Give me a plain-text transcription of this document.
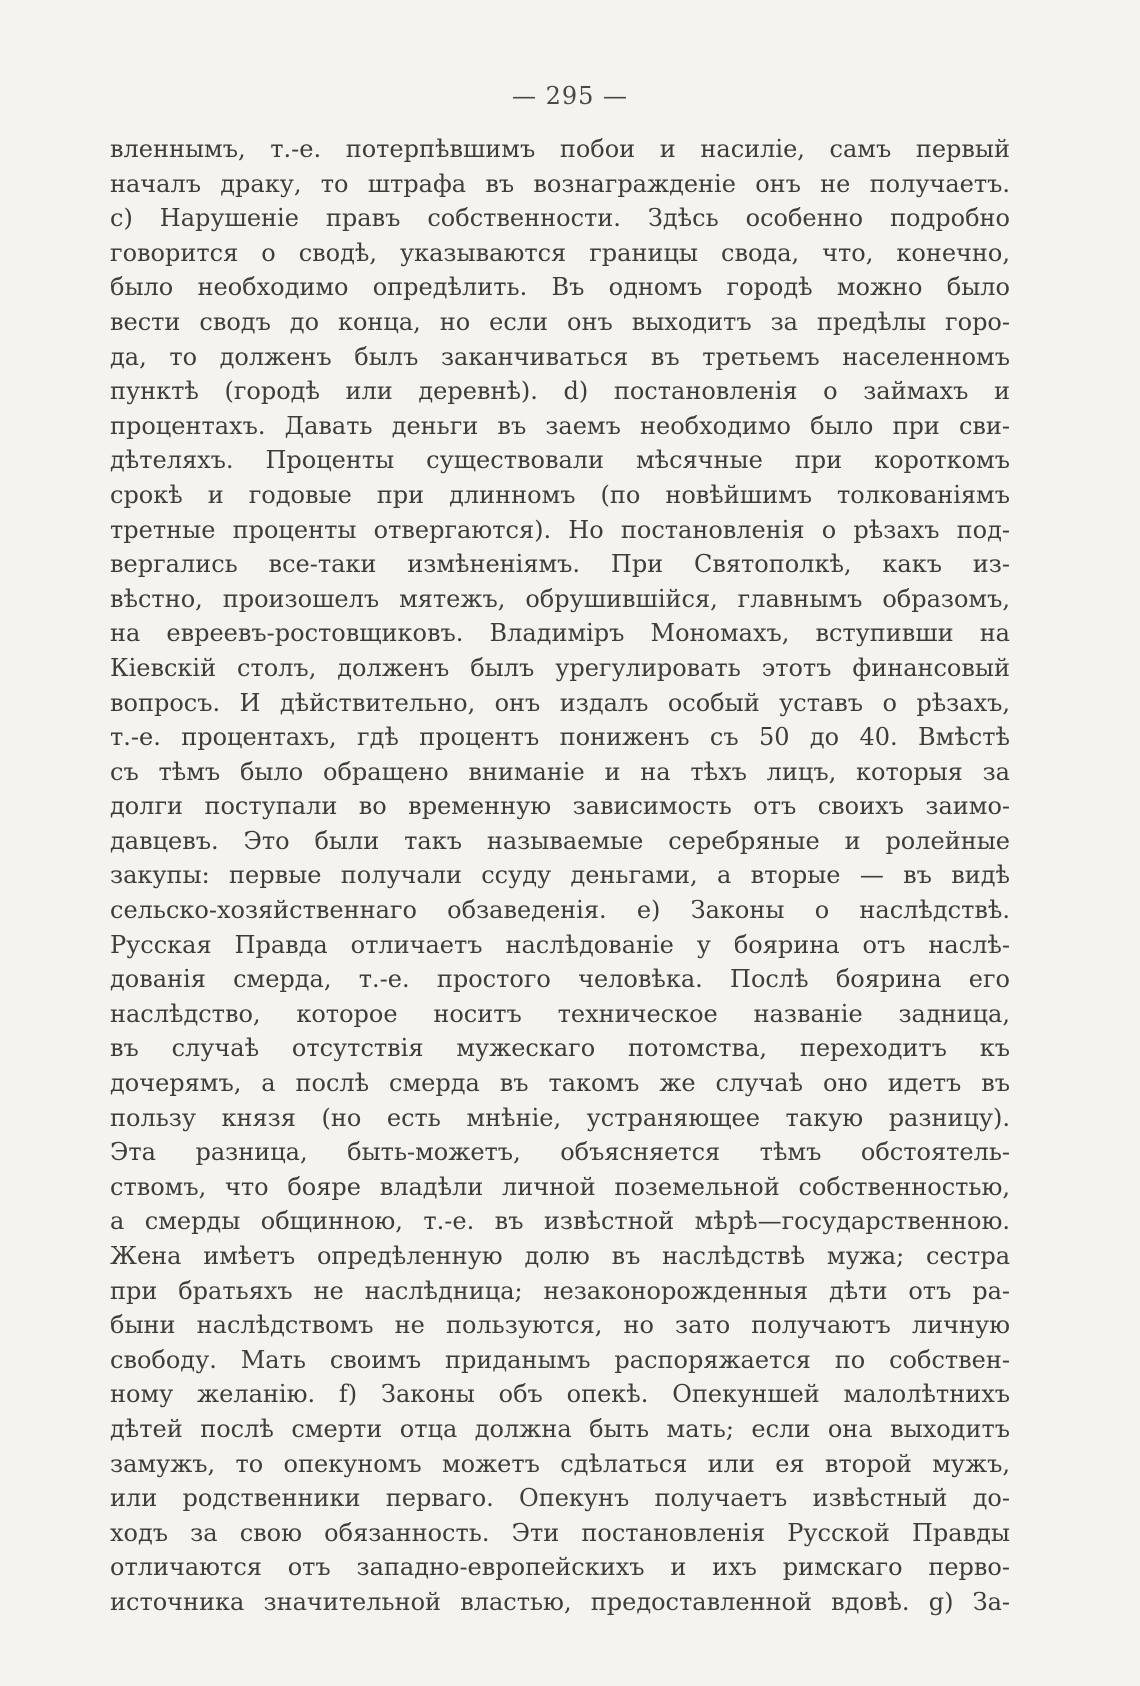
— 295 —
вленнымъ, т.-е. потерпѣвшимъ побои и насиліе, самъ первый
началъ драку, то штрафа въ вознагражденіе онъ не получаетъ.
c) Нарушеніе правъ собственности. Здѣсь особенно подробно
говорится о сводѣ, указываются границы свода, что, конечно,
было необходимо опредѣлить. Въ одномъ городѣ можно было
вести сводъ до конца, но если онъ выходитъ за предѣлы горо-
да, то долженъ былъ заканчиваться въ третьемъ населенномъ
пунктѣ (городѣ или деревнѣ). d) постановленія о займахъ и
процентахъ. Давать деньги въ заемъ необходимо было при сви-
дѣтеляхъ. Проценты существовали мѣсячные при короткомъ
срокѣ и годовые при длинномъ (по новѣйшимъ толкованіямъ
третные проценты отвергаются). Но постановленія о рѣзахъ под-
вергались все-таки измѣненіямъ. При Святополкѣ, какъ из-
вѣстно, произошелъ мятежъ, обрушившійся, главнымъ образомъ,
на евреевъ-ростовщиковъ. Владиміръ Мономахъ, вступивши на
Кіевскій столъ, долженъ былъ урегулировать этотъ финансовый
вопросъ. И дѣйствительно, онъ издалъ особый уставъ о рѣзахъ,
т.-е. процентахъ, гдѣ процентъ пониженъ съ 50 до 40. Вмѣстѣ
съ тѣмъ было обращено вниманіе и на тѣхъ лицъ, которыя за
долги поступали во временную зависимость отъ своихъ заимо-
давцевъ. Это были такъ называемые серебряные и ролейные
закупы: первые получали ссуду деньгами, а вторые — въ видѣ
сельско-хозяйственнаго обзаведенія. e) Законы о наслѣдствѣ.
Русская Правда отличаетъ наслѣдованіе у боярина отъ наслѣ-
дованія смерда, т.-е. простого человѣка. Послѣ боярина его
наслѣдство, которое носитъ техническое названіе задница,
въ случаѣ отсутствія мужескаго потомства, переходитъ къ
дочерямъ, а послѣ смерда въ такомъ же случаѣ оно идетъ въ
пользу князя (но есть мнѣніе, устраняющее такую разницу).
Эта разница, быть-можетъ, объясняется тѣмъ обстоятель-
ствомъ, что бояре владѣли личной поземельной собственностью,
а смерды общинною, т.-е. въ извѣстной мѣрѣ—государственною.
Жена имѣетъ опредѣленную долю въ наслѣдствѣ мужа; сестра
при братьяхъ не наслѣдница; незаконорожденныя дѣти отъ ра-
быни наслѣдствомъ не пользуются, но зато получаютъ личную
свободу. Мать своимъ приданымъ распоряжается по собствен-
ному желанію. f) Законы объ опекѣ. Опекуншей малолѣтнихъ
дѣтей послѣ смерти отца должна быть мать; если она выходитъ
замужъ, то опекуномъ можетъ сдѣлаться или ея второй мужъ,
или родственники перваго. Опекунъ получаетъ извѣстный до-
ходъ за свою обязанность. Эти постановленія Русской Правды
отличаются отъ западно-европейскихъ и ихъ римскаго перво-
источника значительной властью, предоставленной вдовѣ. g) За-
